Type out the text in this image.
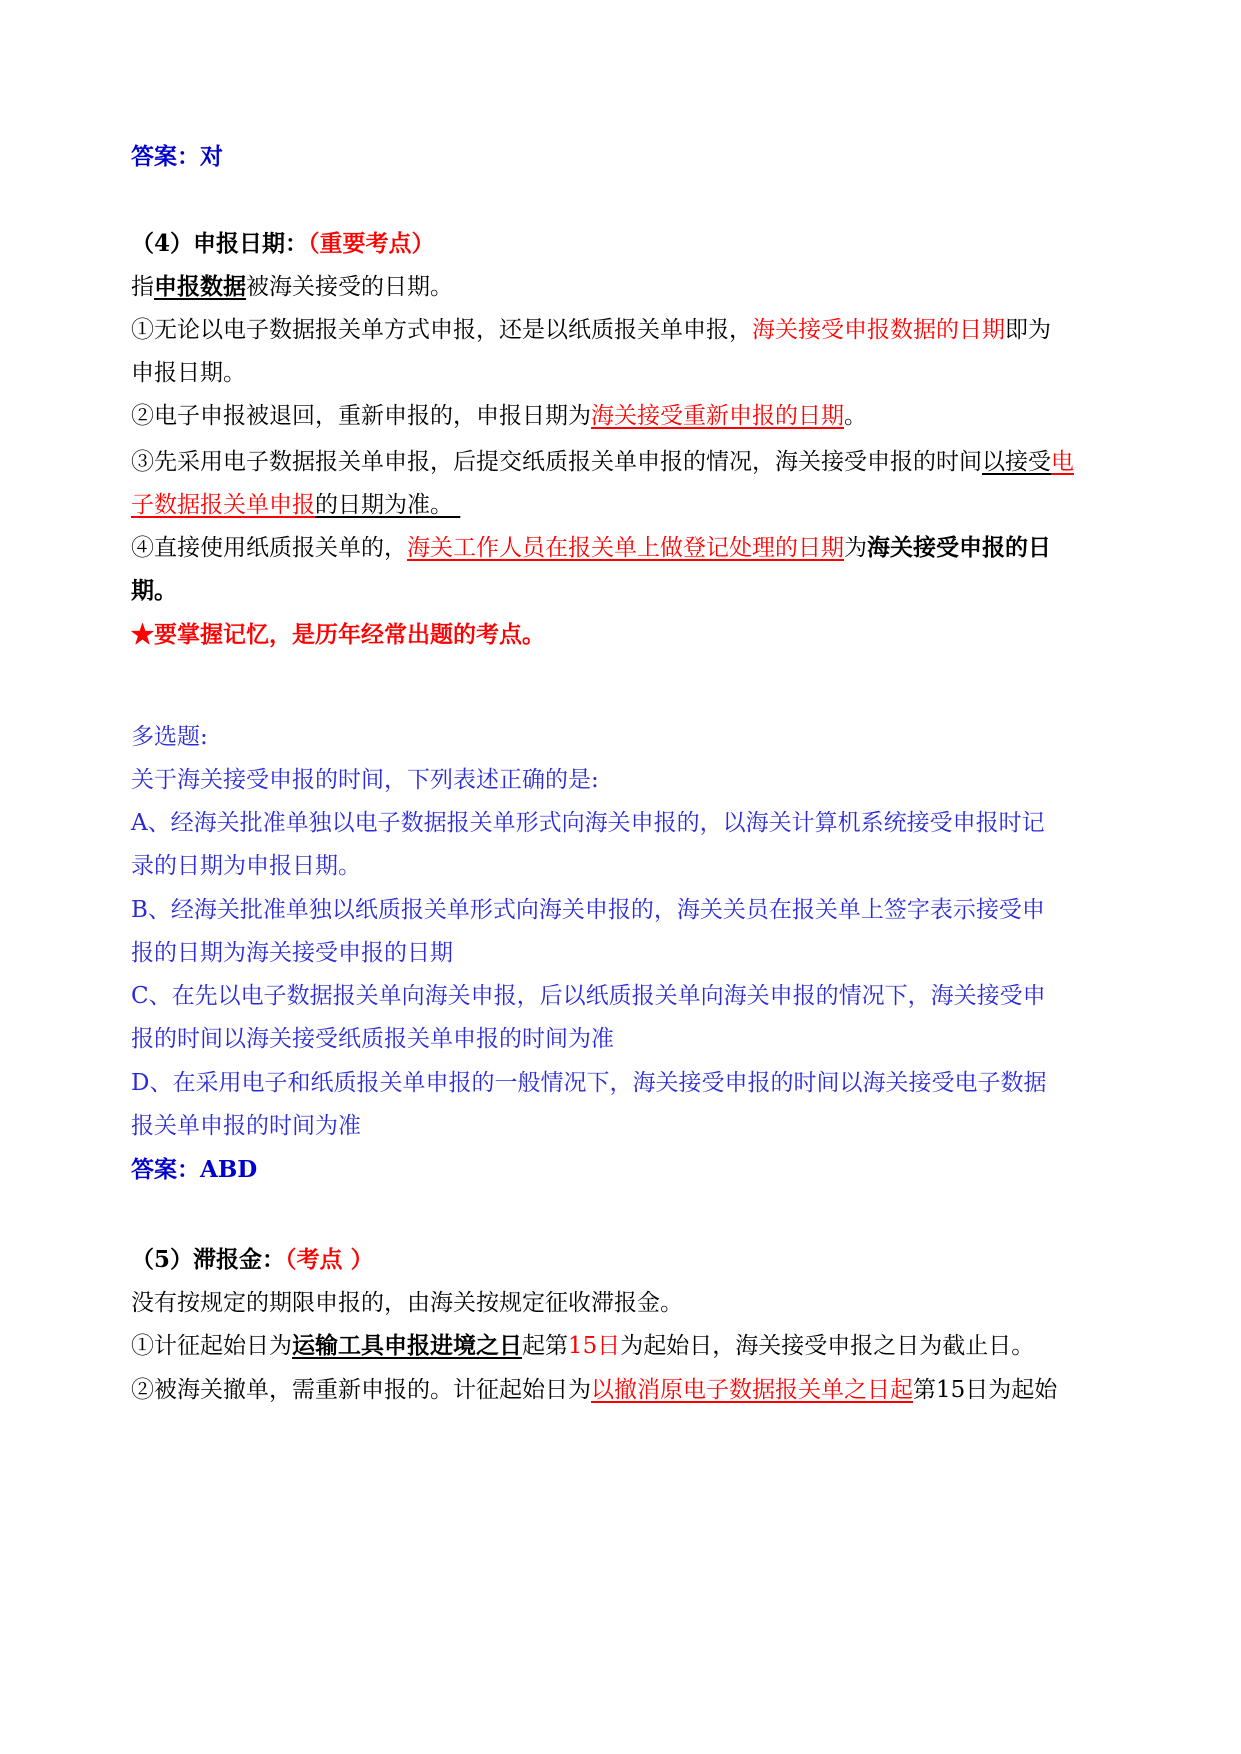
答案：对
（4）申报日期：（重要考点）
指申报数据被海关接受的日期。
①无论以电子数据报关单方式申报，还是以纸质报关单申报，海关接受申报数据的日期即为
申报日期。
②电子申报被退回，重新申报的，申报日期为海关接受重新申报的日期。
③先采用电子数据报关单申报，后提交纸质报关单申报的情况，海关接受申报的时间以接受电
子数据报关单申报的日期为准。
④直接使用纸质报关单的，海关工作人员在报关单上做登记处理的日期为海关接受申报的日
期。
★要掌握记忆，是历年经常出题的考点。
多选题:
关于海关接受申报的时间，下列表述正确的是:
A、经海关批准单独以电子数据报关单形式向海关申报的，以海关计算机系统接受申报时记
录的日期为申报日期。
B、经海关批准单独以纸质报关单形式向海关申报的，海关关员在报关单上签字表示接受申
报的日期为海关接受申报的日期
C、在先以电子数据报关单向海关申报，后以纸质报关单向海关申报的情况下，海关接受申
报的时间以海关接受纸质报关单申报的时间为准
D、在采用电子和纸质报关单申报的一般情况下，海关接受申报的时间以海关接受电子数据
报关单申报的时间为准
答案：ABD
（5）滞报金：（考点 ）
没有按规定的期限申报的，由海关按规定征收滞报金。
①计征起始日为运输工具申报进境之日起第15日为起始日，海关接受申报之日为截止日。
②被海关撤单，需重新申报的。计征起始日为以撤消原电子数据报关单之日起第15日为起始
